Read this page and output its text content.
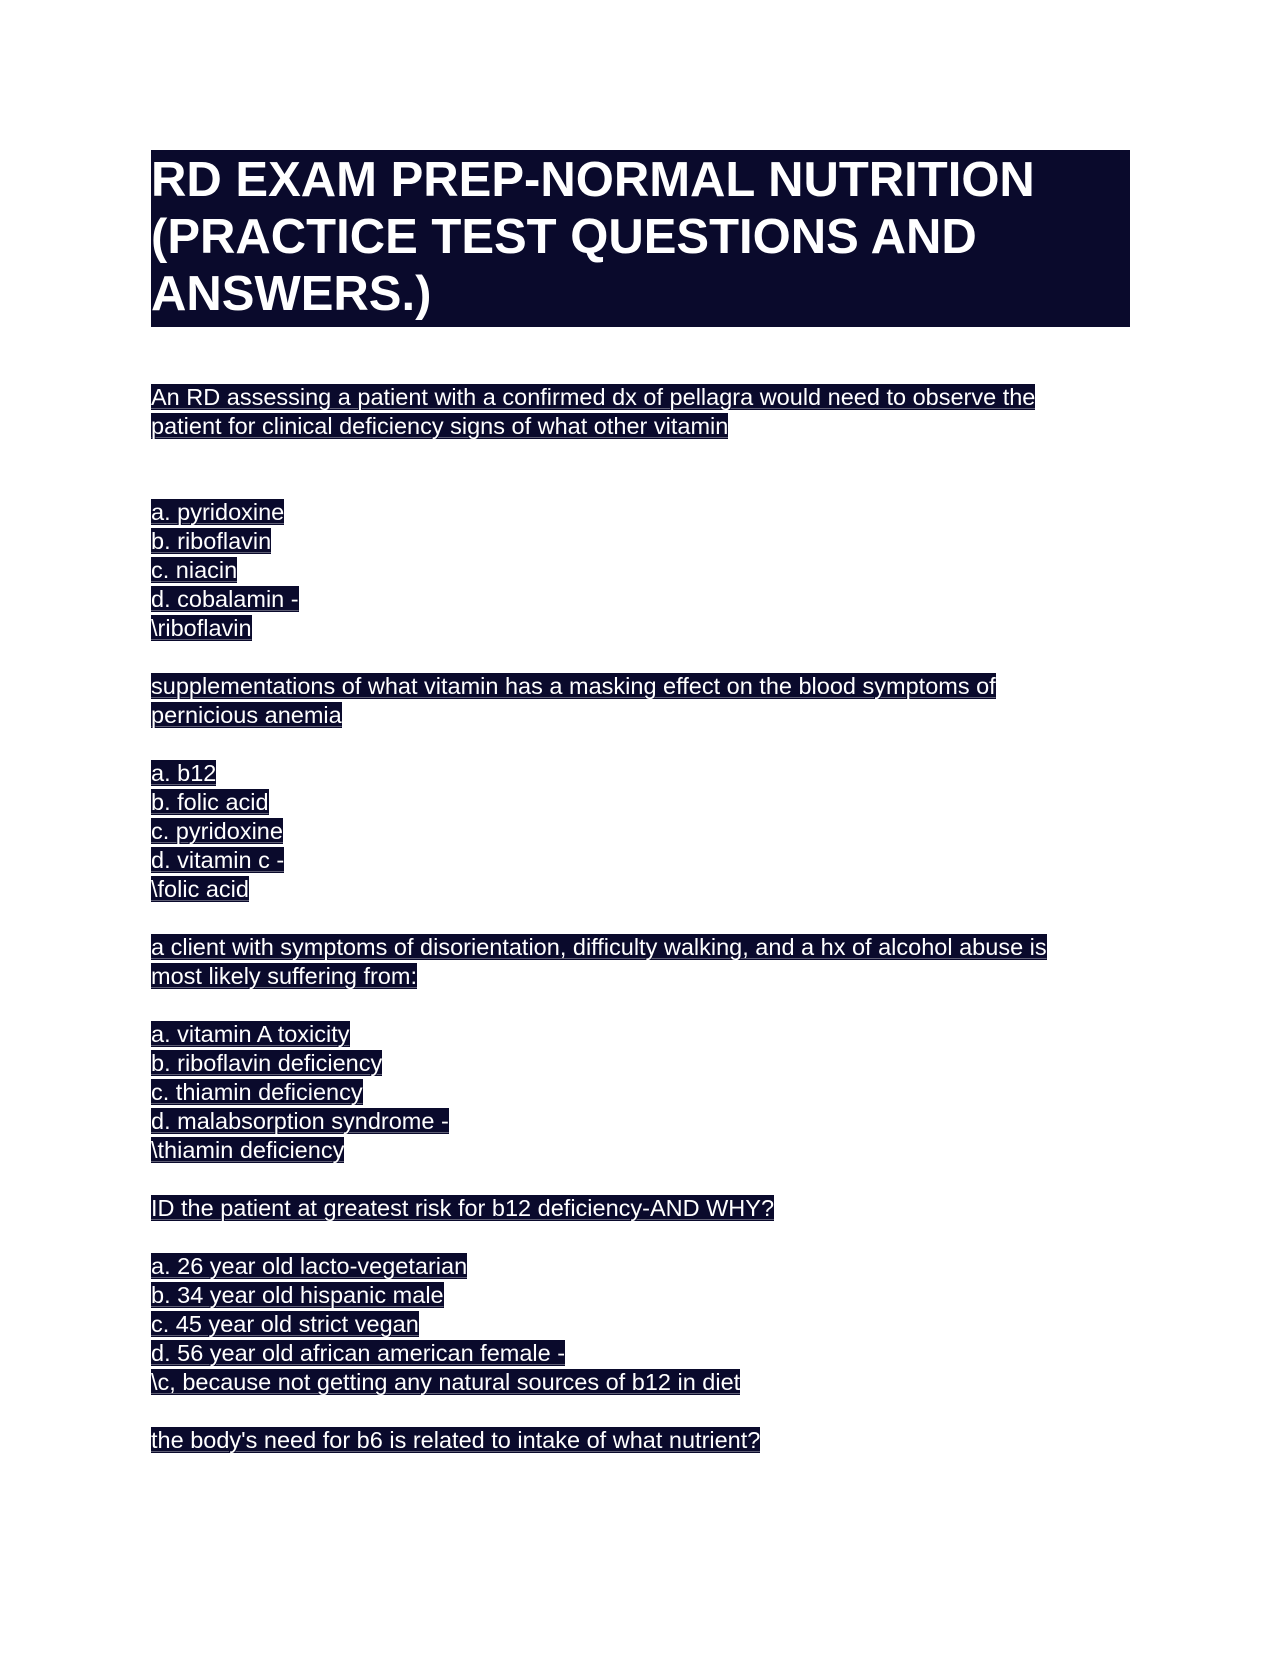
RD EXAM PREP-NORMAL NUTRITION
(PRACTICE TEST QUESTIONS AND
ANSWERS.)
An RD assessing a patient with a confirmed dx of pellagra would need to observe the
patient for clinical deficiency signs of what other vitamin
a. pyridoxine
b. riboflavin
c. niacin
d. cobalamin -
\riboflavin
supplementations of what vitamin has a masking effect on the blood symptoms of
pernicious anemia
a. b12
b. folic acid
c. pyridoxine
d. vitamin c -
\folic acid
a client with symptoms of disorientation, difficulty walking, and a hx of alcohol abuse is
most likely suffering from:
a. vitamin A toxicity
b. riboflavin deficiency
c. thiamin deficiency
d. malabsorption syndrome -
\thiamin deficiency
ID the patient at greatest risk for b12 deficiency-AND WHY?
a. 26 year old lacto-vegetarian
b. 34 year old hispanic male
c. 45 year old strict vegan
d. 56 year old african american female -
\c, because not getting any natural sources of b12 in diet
the body's need for b6 is related to intake of what nutrient?
